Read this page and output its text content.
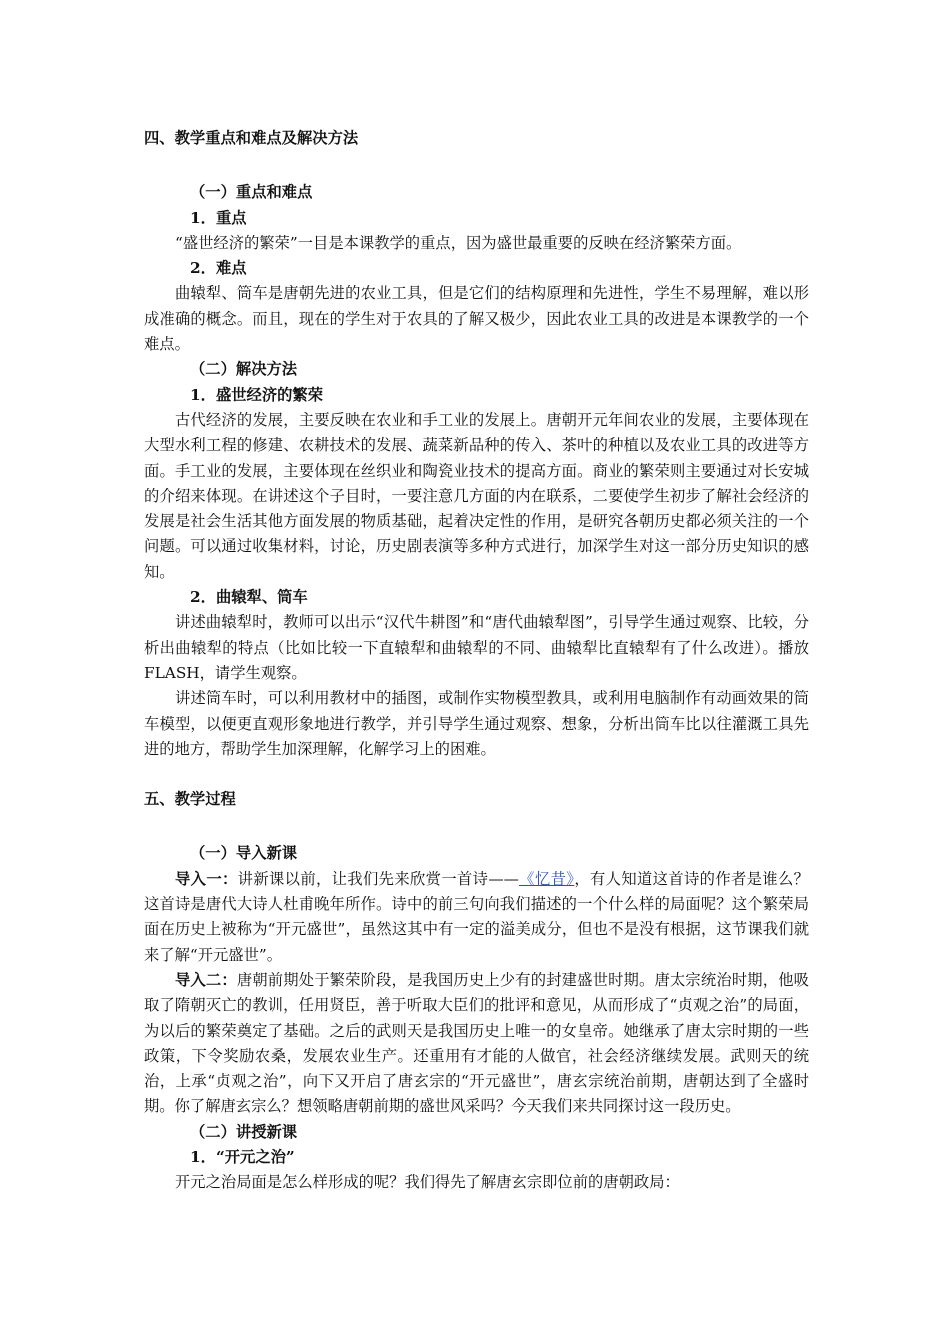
四、教学重点和难点及解决方法
（一）重点和难点
1．重点

“盛世经济的繁荣”一目是本课教学的重点，因为盛世最重要的反映在经济繁荣方面。

2．难点

曲辕犁、筒车是唐朝先进的农业工具，但是它们的结构原理和先进性，学生不易理解，难以形成准确的概念。而且，现在的学生对于农具的了解又极少，因此农业工具的改进是本课教学的一个难点。

（二）解决方法
1．盛世经济的繁荣

古代经济的发展，主要反映在农业和手工业的发展上。唐朝开元年间农业的发展，主要体现在大型水利工程的修建、农耕技术的发展、蔬菜新品种的传入、茶叶的种植以及农业工具的改进等方面。手工业的发展，主要体现在丝织业和陶瓷业技术的提高方面。商业的繁荣则主要通过对长安城的介绍来体现。在讲述这个子目时，一要注意几方面的内在联系，二要使学生初步了解社会经济的发展是社会生活其他方面发展的物质基础，起着决定性的作用，是研究各朝历史都必须关注的一个问题。可以通过收集材料，讨论，历史剧表演等多种方式进行，加深学生对这一部分历史知识的感知。

2．曲辕犁、筒车

讲述曲辕犁时，教师可以出示“汉代牛耕图”和“唐代曲辕犁图”，引导学生通过观察、比较，分析出曲辕犁的特点（比如比较一下直辕犁和曲辕犁的不同、曲辕犁比直辕犁有了什么改进）。播放FLASH，请学生观察。

讲述筒车时，可以利用教材中的插图，或制作实物模型教具，或利用电脑制作有动画效果的筒车模型，以便更直观形象地进行教学，并引导学生通过观察、想象，分析出筒车比以往灌溉工具先进的地方，帮助学生加深理解，化解学习上的困难。

五、教学过程
（一）导入新课

导入一：讲新课以前，让我们先来欣赏一首诗——《忆昔》，有人知道这首诗的作者是谁么？这首诗是唐代大诗人杜甫晚年所作。诗中的前三句向我们描述的一个什么样的局面呢？这个繁荣局面在历史上被称为“开元盛世”，虽然这其中有一定的溢美成分，但也不是没有根据，这节课我们就来了解“开元盛世”。

导入二：唐朝前期处于繁荣阶段，是我国历史上少有的封建盛世时期。唐太宗统治时期，他吸取了隋朝灭亡的教训，任用贤臣，善于听取大臣们的批评和意见，从而形成了“贞观之治”的局面，为以后的繁荣奠定了基础。之后的武则天是我国历史上唯一的女皇帝。她继承了唐太宗时期的一些政策，下令奖励农桑，发展农业生产。还重用有才能的人做官，社会经济继续发展。武则天的统治，上承“贞观之治”，向下又开启了唐玄宗的“开元盛世”，唐玄宗统治前期，唐朝达到了全盛时期。你了解唐玄宗么？想领略唐朝前期的盛世风采吗？今天我们来共同探讨这一段历史。

（二）讲授新课
1．“开元之治”

开元之治局面是怎么样形成的呢？我们得先了解唐玄宗即位前的唐朝政局：
